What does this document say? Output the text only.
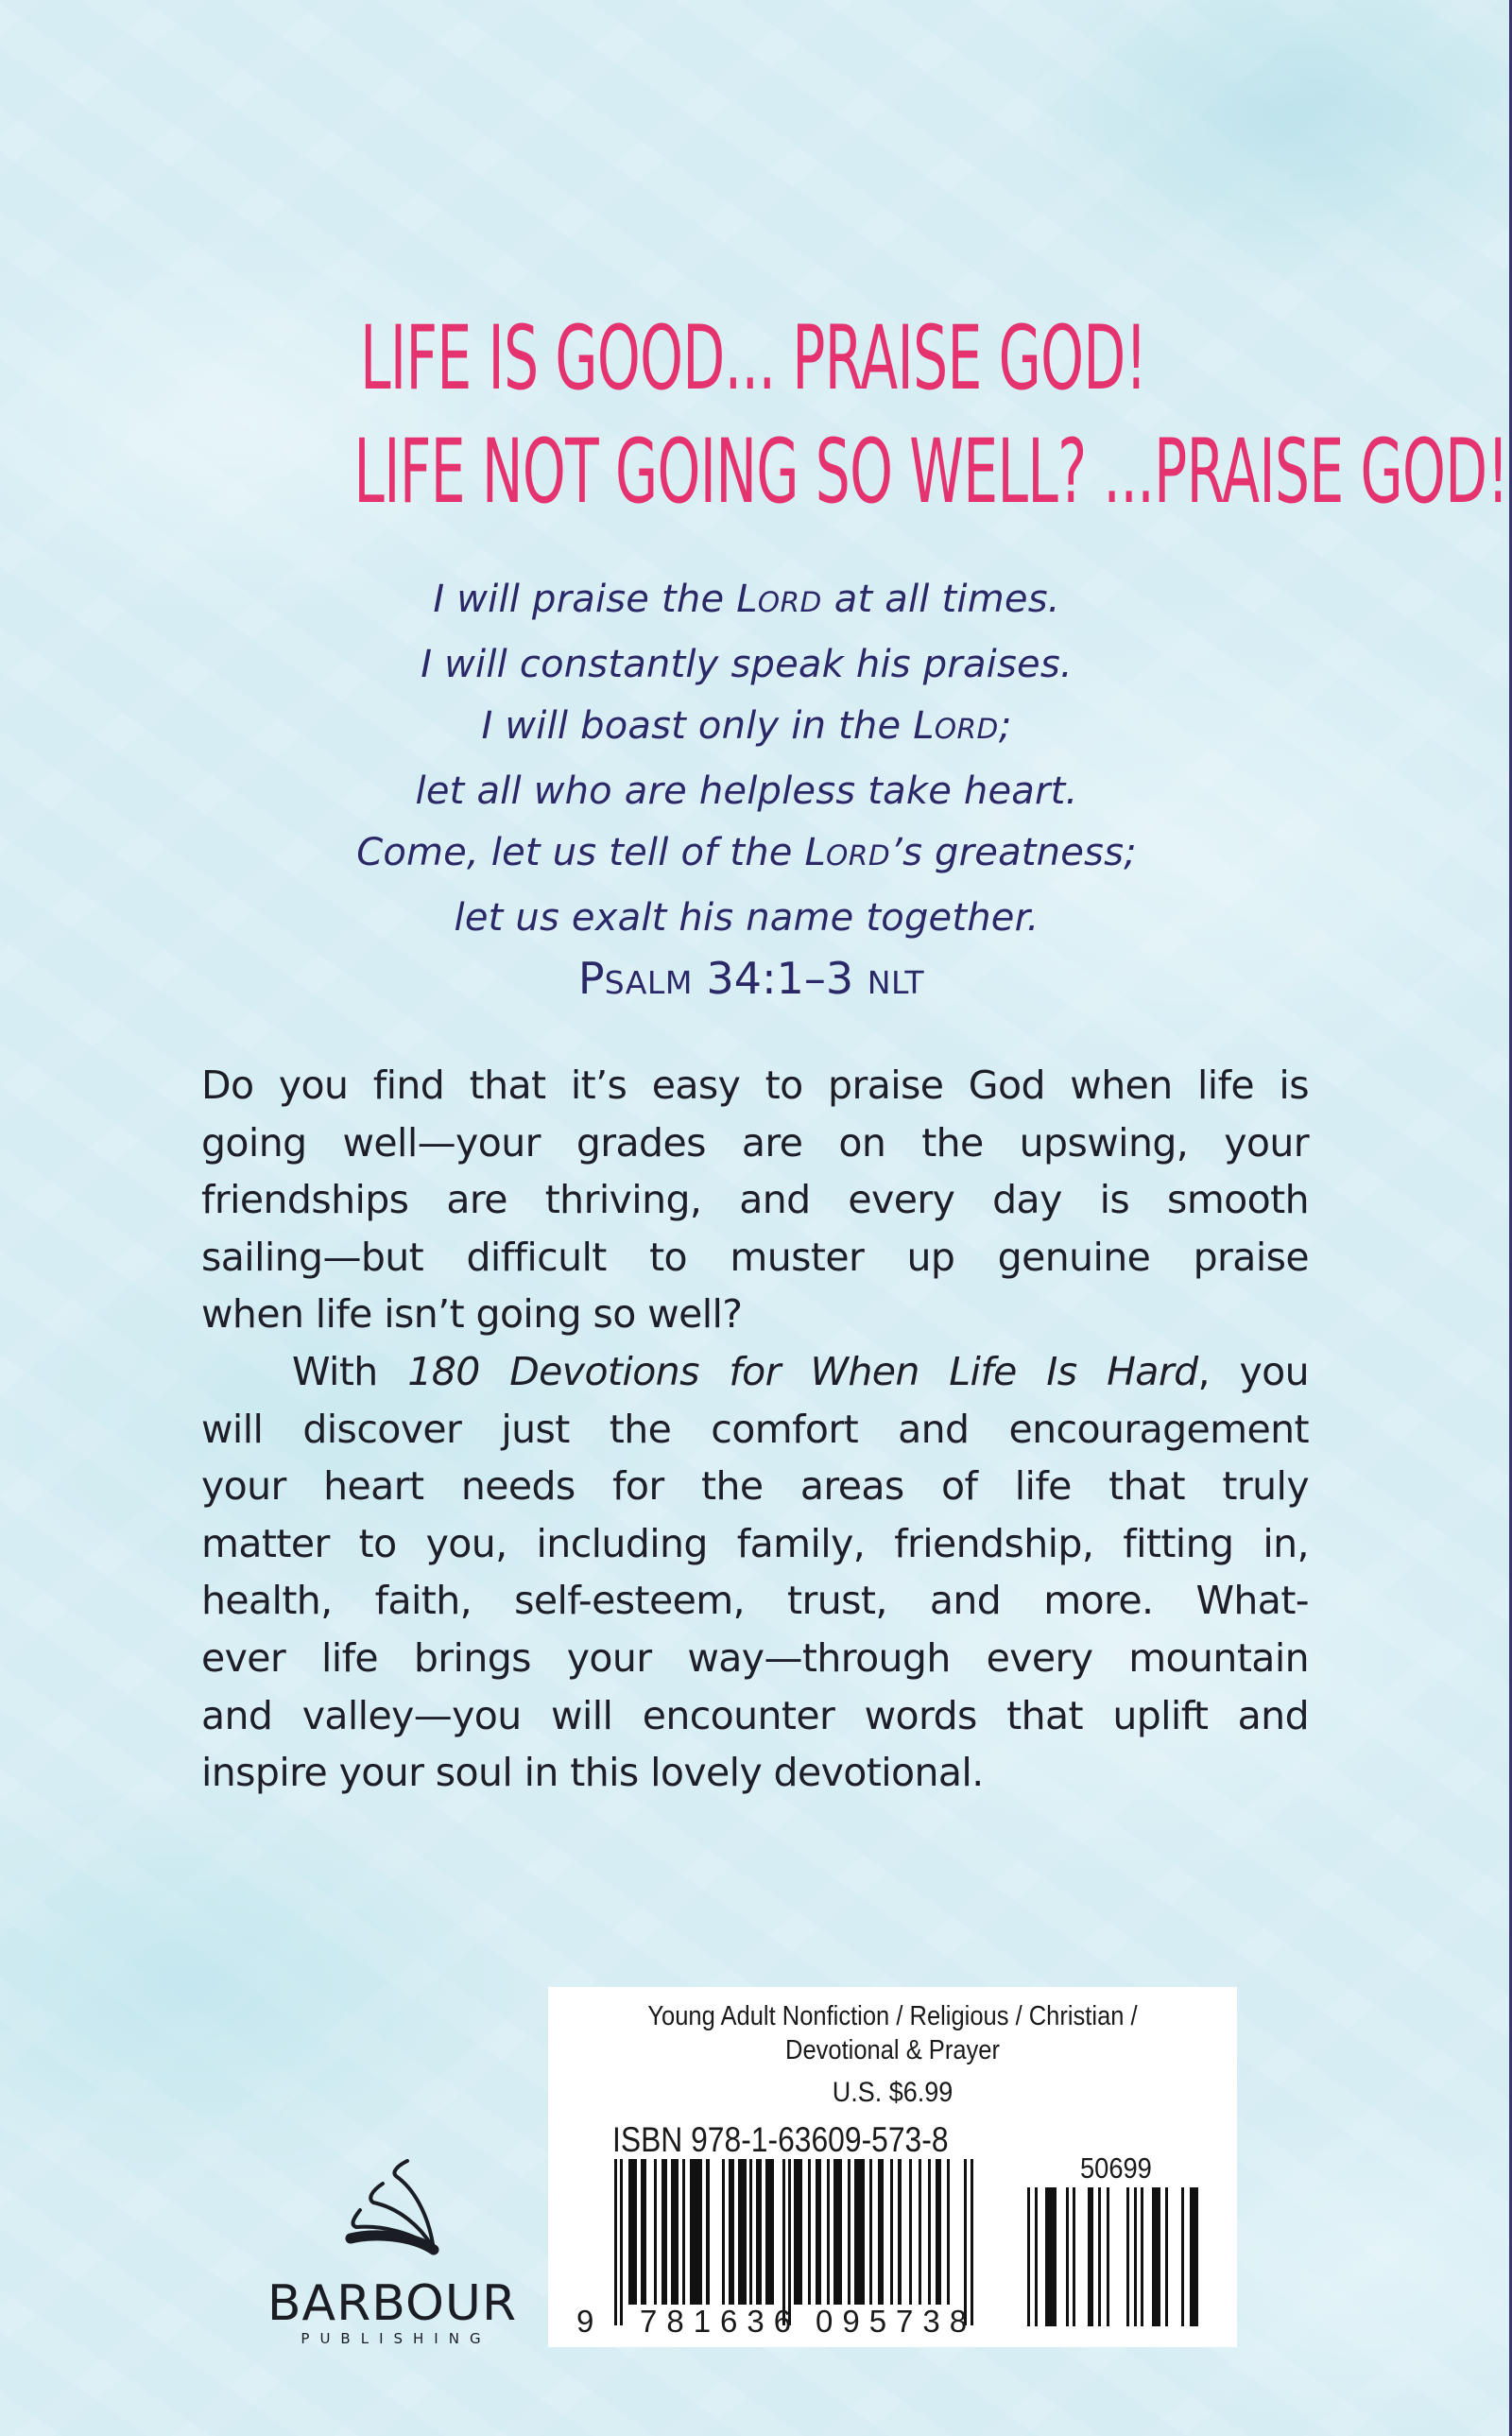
LIFE IS GOOD... PRAISE GOD!
LIFE NOT GOING SO WELL? ...PRAISE GOD!
I will praise the LORD at all times.
I will constantly speak his praises.
I will boast only in the LORD;
let all who are helpless take heart.
Come, let us tell of the LORD’s greatness;
let us exalt his name together.
PSALM 34:1–3 NLT
Do you find that it’s easy to praise God when life is
going well—your grades are on the upswing, your
friendships are thriving, and every day is smooth
sailing—but difficult to muster up genuine praise
when life isn’t going so well?
With 180 Devotions for When Life Is Hard, you
will discover just the comfort and encouragement
your heart needs for the areas of life that truly
matter to you, including family, friendship, fitting in,
health, faith, self-esteem, trust, and more. What-
ever life brings your way—through every mountain
and valley—you will encounter words that uplift and
inspire your soul in this lovely devotional.
Young Adult Nonfiction / Religious / Christian /
Devotional & Prayer
U.S. $6.99
ISBN 978-1-63609-573-8
50699
9 781636 095738
BARBOUR
PUBLISHING
